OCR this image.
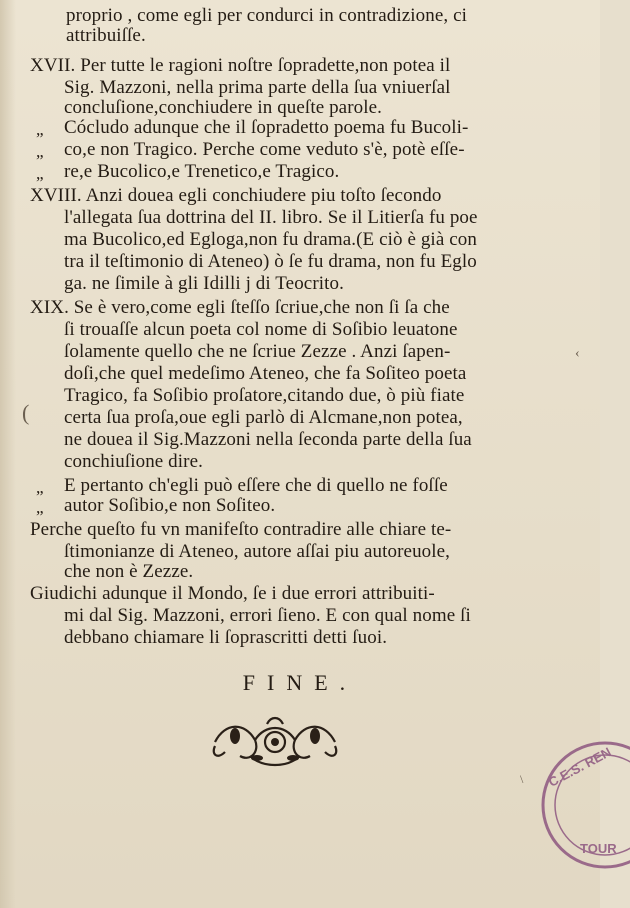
proprio , come egli per condurci in contradizione, ci
attribuiſſe.
XVII. Per tutte le ragioni noſtre ſopradette,non potea il
Sig. Mazzoni, nella prima parte della ſua vniuerſal
concluſione,conchiudere in queſte parole.
„ Cócludo adunque che il ſopradetto poema fu Bucoli-
„ co,e non Tragico. Perche come veduto s'è, potè eſſe-
„ re,e Bucolico,e Trenetico,e Tragico.
XVIII. Anzi douea egli conchiudere piu toſto ſecondo
l'allegata ſua dottrina del II. libro. Se il Litierſa fu poe
ma Bucolico,ed Egloga,non fu drama.(E ciò è già con
tra il teſtimonio di Ateneo) ò ſe fu drama, non fu Eglo
ga. ne ſimile à gli Idilli j di Teocrito.
XIX. Se è vero,come egli ſteſſo ſcriue,che non ſi ſa che
ſi trouaſſe alcun poeta col nome di Soſibio leuatone
ſolamente quello che ne ſcriue Zezze . Anzi ſapen-
doſi,che quel medeſimo Ateneo, che fa Soſiteo poeta
Tragico, fa Soſibio proſatore,citando due, ò più fiate
certa ſua proſa,oue egli parlò di Alcmane,non potea,
ne douea il Sig.Mazzoni nella ſeconda parte della ſua
conchiuſione dire.
„ E pertanto ch'egli può eſſere che di quello ne foſſe
„ autor Soſibio,e non Soſiteo.
Perche queſto fu vn manifeſto contradire alle chiare te-
ſtimonianze di Ateneo, autore aſſai piu autoreuole,
che non è Zezze.
Giudichi adunque il Mondo, ſe i due errori attribuiti-
mi dal Sig. Mazzoni, errori ſieno. E con qual nome ſi
debbano chiamare li ſoprascritti detti ſuoi.
‹
(
\
FINE.
C.E.S. REN
TOUR
